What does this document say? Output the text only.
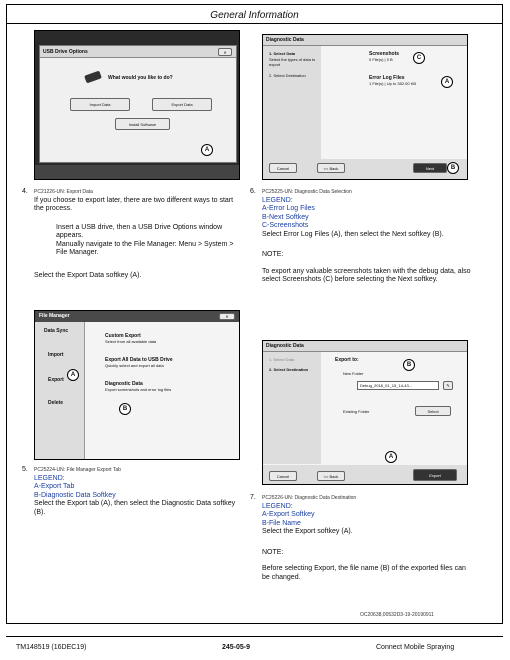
General Information
USB Drive Options	✕
What would you like to do?
Import Data	Export Data
Install Software
A
4. PC21226-UN: Export Data
If you choose to export later, there are two different ways to start the process.
Insert a USB drive, then a USB Drive Options window appears.
Manually navigate to the File Manager: Menu > System > File Manager.
Select the Export Data softkey (A).
File Manager	✕
Data Sync
Import
Export
Delete
A
Custom Export
Select from all available data
Export All Data to USB Drive
Quickly select and export all data
Diagnostic Data
Export screenshots and error log files
B
5. PC25224-UN: File Manager Export Tab
LEGEND:
A-Export Tab
B-Diagnostic Data Softkey
Select the Export tab (A), then select the Diagnostic Data softkey (B).
Diagnostic Data
1. Select Data
Select the types of data to export
2. Select Destination
Screenshots
0 File(s) | 0 B	C
Error Log Files
1 File(s) | Up to 352.00 KB	A
Cancel	<< Back	Next	B
6. PC25225-UN: Diagnostic Data Selection
LEGEND:
A-Error Log Files
B-Next Softkey
C-Screenshots
Select Error Log Files (A), then select the Next softkey (B).
NOTE:
To export any valuable screenshots taken with the debug data, also select Screenshots (C) before selecting the Next softkey.
Diagnostic Data
1. Select Data
2. Select Destination
Export to:
B
New Folder
Debug_2018_01_15_14-43...	✎
Existing Folder	Select
A
Cancel	<< Back	Export
7. PC25226-UN: Diagnostic Data Destination
LEGEND:
A-Export Softkey
B-File Name
Select the Export softkey (A).
NOTE:
Before selecting Export, the file name (B) of the exported files can be changed.
OC20638,00532D3-19-20190911
TM148519 (16DEC19)	245-05-9	Connect Mobile Spraying
